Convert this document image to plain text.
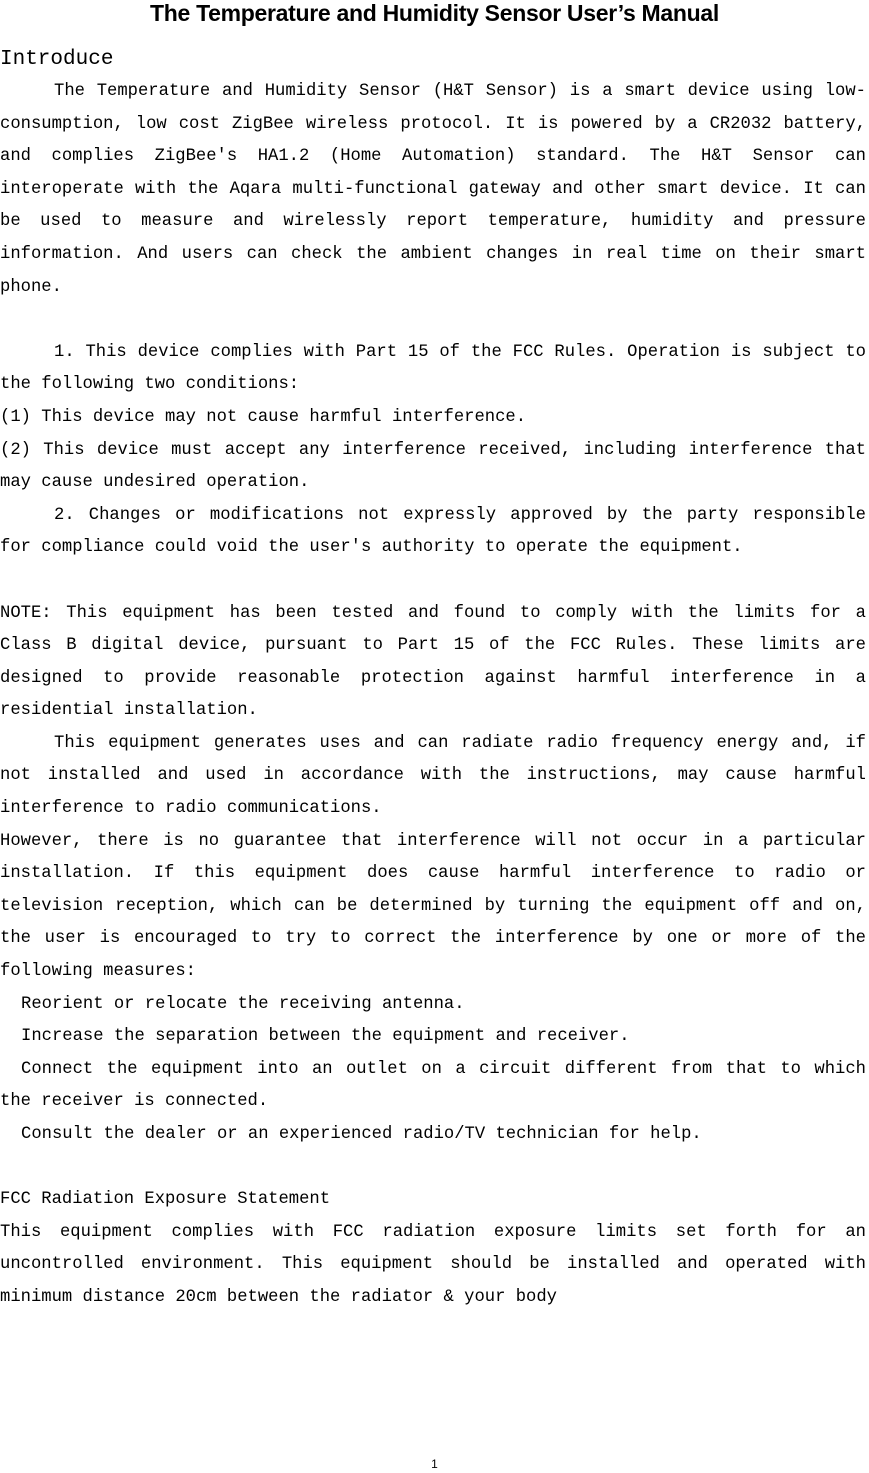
The Temperature and Humidity Sensor User’s Manual
Introduce

The Temperature and Humidity Sensor (H&T Sensor) is a smart device using low-consumption, low cost ZigBee wireless protocol. It is powered by a CR2032 battery, and complies ZigBee's HA1.2 (Home Automation) standard. The H&T Sensor can interoperate with the Aqara multi-functional gateway and other smart device. It can be used to measure and wirelessly report temperature, humidity and pressure information. And users can check the ambient changes in real time on their smart phone.

1. This device complies with Part 15 of the FCC Rules. Operation is subject to the following two conditions:

(1) This device may not cause harmful interference.

(2) This device must accept any interference received, including interference that may cause undesired operation.

2. Changes or modifications not expressly approved by the party responsible for compliance could void the user's authority to operate the equipment.

NOTE: This equipment has been tested and found to comply with the limits for a Class B digital device, pursuant to Part 15 of the FCC Rules. These limits are designed to provide reasonable protection against harmful interference in a residential installation.

This equipment generates uses and can radiate radio frequency energy and, if not installed and used in accordance with the instructions, may cause harmful interference to radio communications.

However, there is no guarantee that interference will not occur in a particular installation. If this equipment does cause harmful interference to radio or television reception, which can be determined by turning the equipment off and on, the user is encouraged to try to correct the interference by one or more of the following measures:

Reorient or relocate the receiving antenna.

Increase the separation between the equipment and receiver.

Connect the equipment into an outlet on a circuit different from that to which the receiver is connected.

Consult the dealer or an experienced radio/TV technician for help.

FCC Radiation Exposure Statement

This equipment complies with FCC radiation exposure limits set forth for an uncontrolled environment. This equipment should be installed and operated with minimum distance 20cm between the radiator & your body

1
